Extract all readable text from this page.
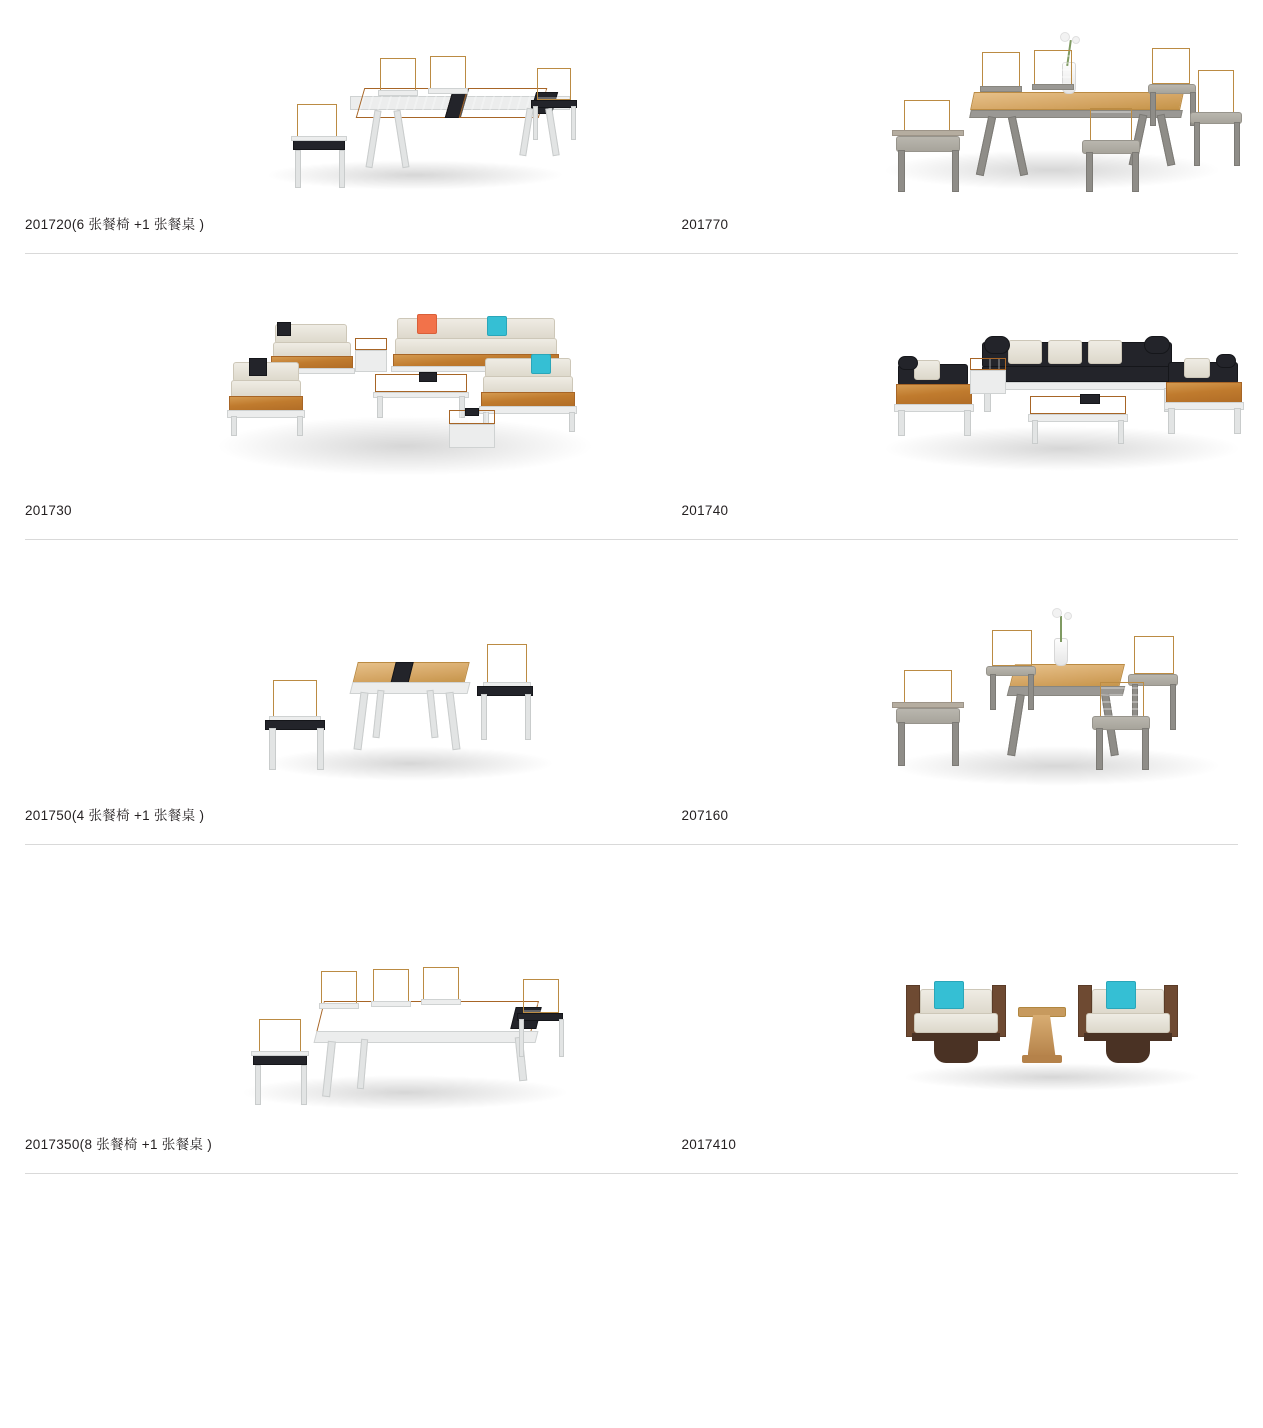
201720(6 张餐椅 +1 张餐桌 )	201770
201730	201740
201750(4 张餐椅 +1 张餐桌 )	207160
2017350(8 张餐椅 +1 张餐桌 )	2017410
